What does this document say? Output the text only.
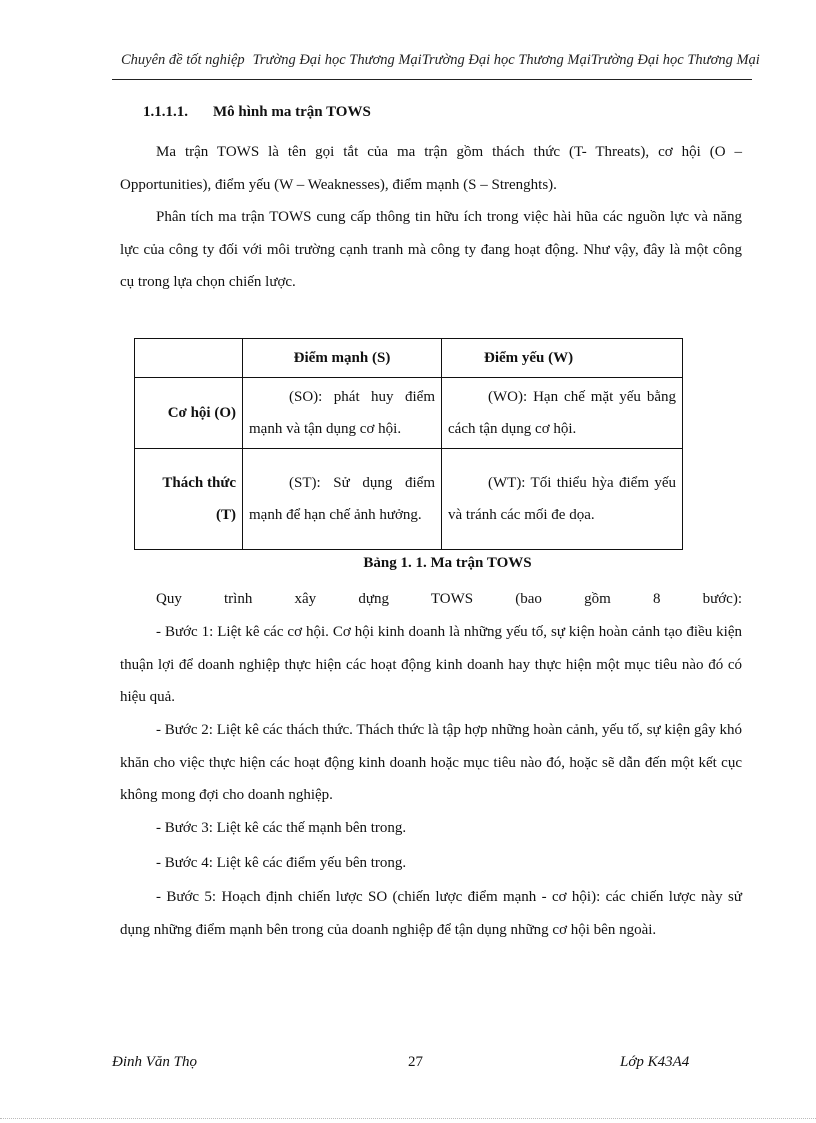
Chuyên đề tốt nghiệp Trường Đại học Thương MạiTrường Đại học Thương MạiTrường Đại học Thương Mại
1.1.1.1. Mô hình ma trận TOWS

Ma trận TOWS là tên gọi tắt của ma trận gồm thách thức (T- Threats), cơ hội (O – Opportunities), điểm yếu (W – Weaknesses), điểm mạnh (S – Strenghts).

Phân tích ma trận TOWS cung cấp thông tin hữu ích trong việc hài hũa các nguồn lực và năng lực của công ty đối với môi trường cạnh tranh mà công ty đang hoạt động. Như vậy, đây là một công cụ trong lựa chọn chiến lược.

	Điểm mạnh (S)	Điểm yếu (W)
Cơ hội (O)	(SO): phát huy điểm mạnh và tận dụng cơ hội.	(WO): Hạn chế mặt yếu bằng cách tận dụng cơ hội.
Thách thức (T)	(ST): Sử dụng điểm mạnh để hạn chế ảnh hưởng.	(WT): Tối thiểu hỳa điểm yếu và tránh các mối đe dọa.
Bảng 1. 1. Ma trận TOWS

Quy trình xây dựng TOWS (bao gồm 8 bước):

- Bước 1: Liệt kê các cơ hội. Cơ hội kinh doanh là những yếu tố, sự kiện hoàn cảnh tạo điều kiện thuận lợi để doanh nghiệp thực hiện các hoạt động kinh doanh hay thực hiện một mục tiêu nào đó có hiệu quả.

- Bước 2: Liệt kê các thách thức. Thách thức là tập hợp những hoàn cảnh, yếu tố, sự kiện gây khó khăn cho việc thực hiện các hoạt động kinh doanh hoặc mục tiêu nào đó, hoặc sẽ dẫn đến một kết cục không mong đợi cho doanh nghiệp.

- Bước 3: Liệt kê các thế mạnh bên trong.

- Bước 4: Liệt kê các điểm yếu bên trong.

- Bước 5: Hoạch định chiến lược SO (chiến lược điểm mạnh - cơ hội): các chiến lược này sử dụng những điểm mạnh bên trong của doanh nghiệp để tận dụng những cơ hội bên ngoài.

Đinh Văn Thọ	27	Lớp K43A4
